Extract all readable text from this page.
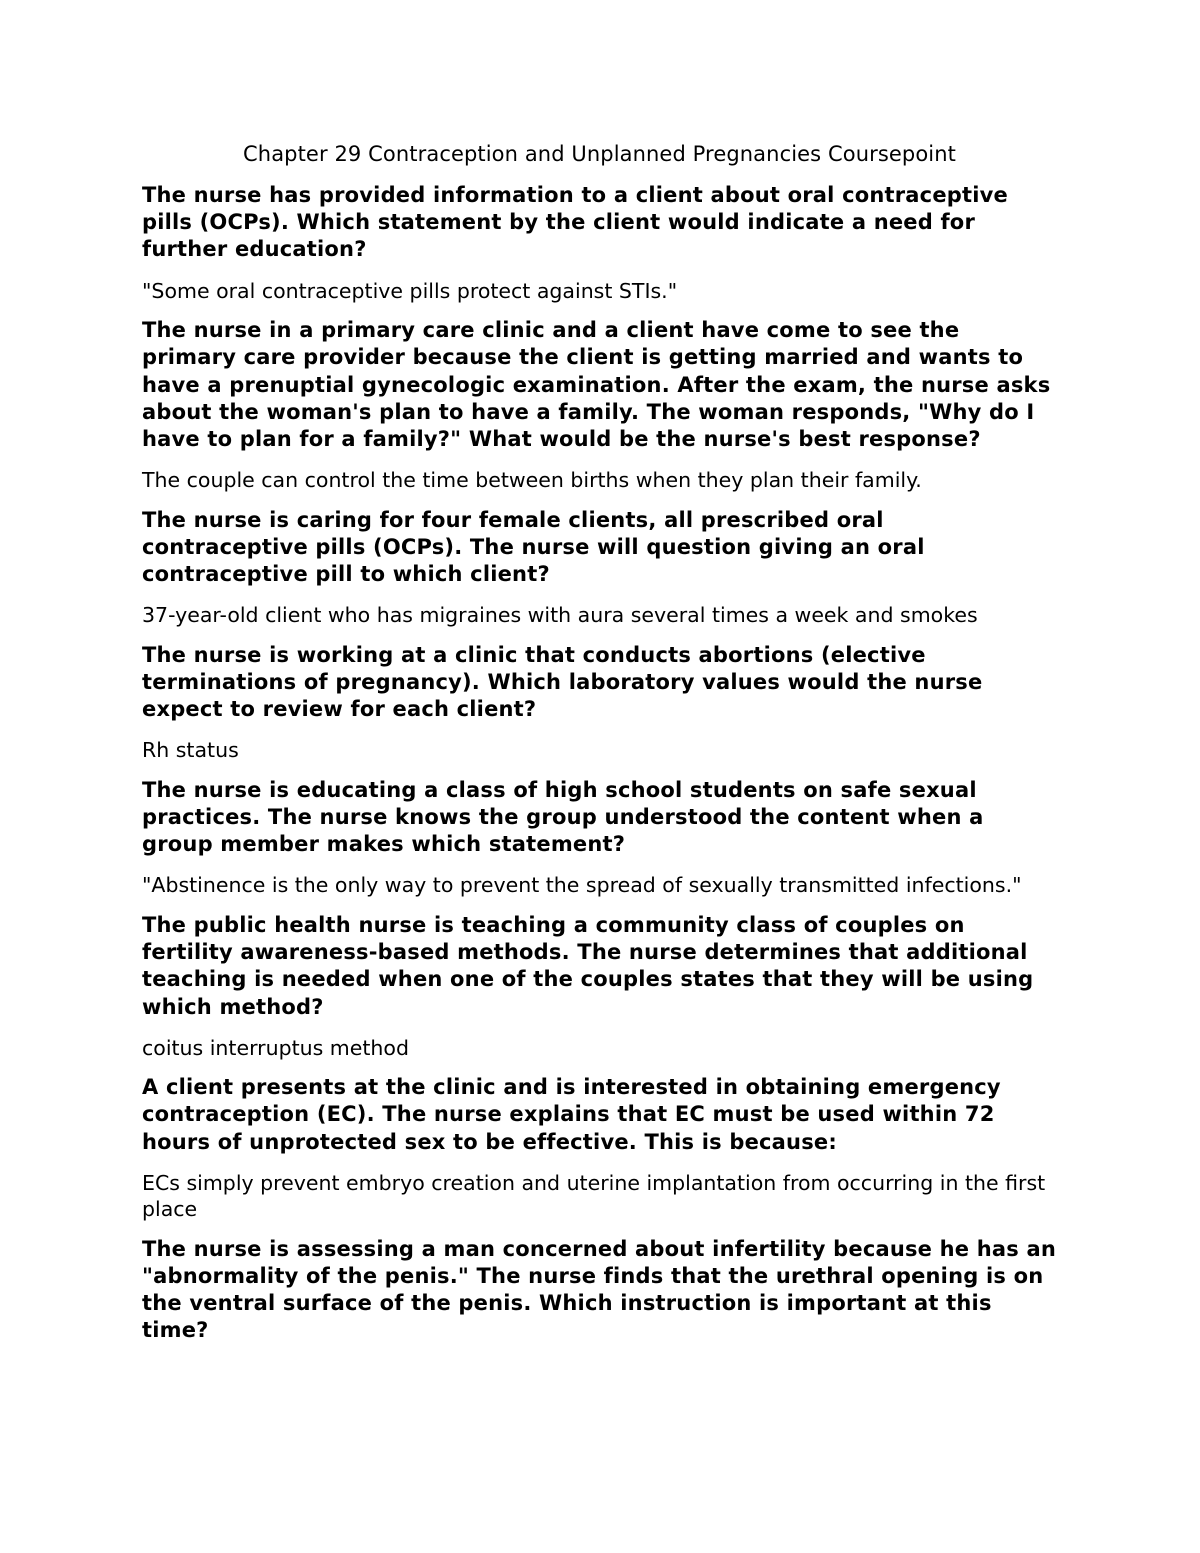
Chapter 29 Contraception and Unplanned Pregnancies Coursepoint

The nurse has provided information to a client about oral contraceptive pills (OCPs). Which statement by the client would indicate a need for further education?

"Some oral contraceptive pills protect against STIs."

The nurse in a primary care clinic and a client have come to see the primary care provider because the client is getting married and wants to have a prenuptial gynecologic examination. After the exam, the nurse asks about the woman's plan to have a family. The woman responds, "Why do I have to plan for a family?" What would be the nurse's best response?

The couple can control the time between births when they plan their family.

The nurse is caring for four female clients, all prescribed oral contraceptive pills (OCPs). The nurse will question giving an oral contraceptive pill to which client?

37-year-old client who has migraines with aura several times a week and smokes

The nurse is working at a clinic that conducts abortions (elective terminations of pregnancy). Which laboratory values would the nurse expect to review for each client?

Rh status

The nurse is educating a class of high school students on safe sexual practices. The nurse knows the group understood the content when a group member makes which statement?

"Abstinence is the only way to prevent the spread of sexually transmitted infections."

The public health nurse is teaching a community class of couples on fertility awareness-based methods. The nurse determines that additional teaching is needed when one of the couples states that they will be using which method?

coitus interruptus method

A client presents at the clinic and is interested in obtaining emergency contraception (EC). The nurse explains that EC must be used within 72 hours of unprotected sex to be effective. This is because:

ECs simply prevent embryo creation and uterine implantation from occurring in the first place

The nurse is assessing a man concerned about infertility because he has an "abnormality of the penis." The nurse finds that the urethral opening is on the ventral surface of the penis. Which instruction is important at this time?
